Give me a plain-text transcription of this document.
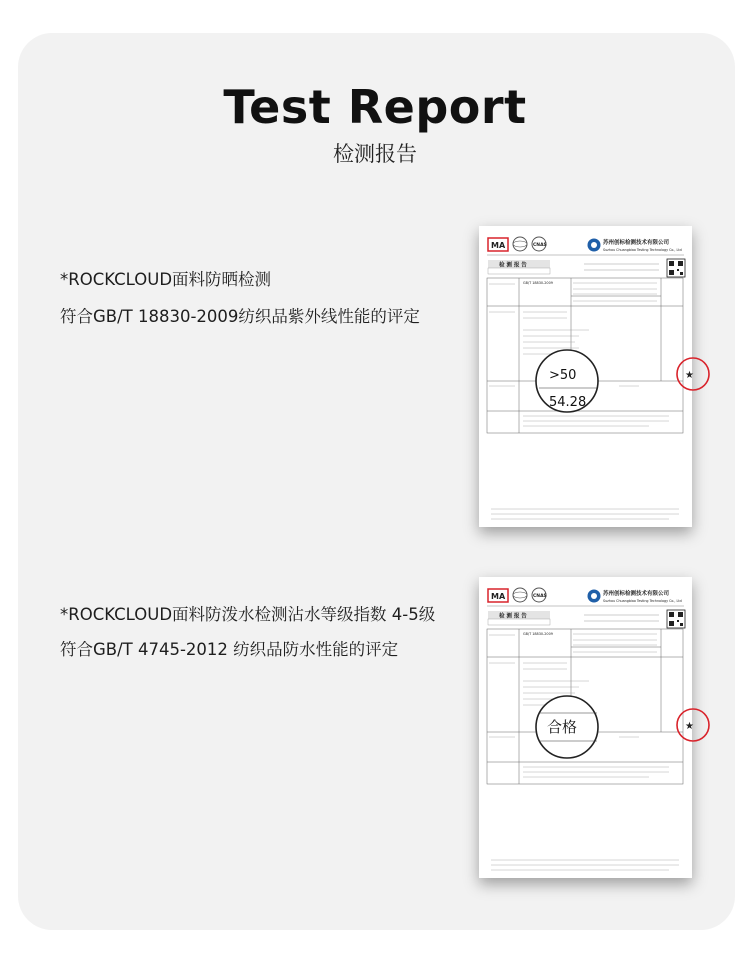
Test Report
检测报告
*ROCKCLOUD面料防晒检测
符合GB/T 18830-2009纺织品紫外线性能的评定
*ROCKCLOUD面料防泼水检测沾水等级指数 4-5级
符合GB/T 4745-2012 纺织品防水性能的评定
MA	CNAS	苏州创标检测技术有限公司
Suzhou Chuangbiao Testing Technology Co., Ltd
检 测 报 告
GB/T 18830-2009
★
>50
54.28
MA	CNAS	苏州创标检测技术有限公司
Suzhou Chuangbiao Testing Technology Co., Ltd
检 测 报 告
GB/T 18830-2009
★
合格
